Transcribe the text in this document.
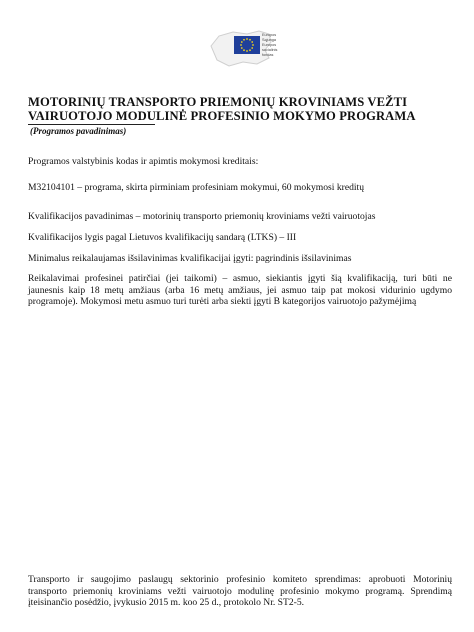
Europos
Sąjunga
Europos
socialinis
fondas
MOTORINIŲ TRANSPORTO PRIEMONIŲ KROVINIAMS VEŽTI
VAIRUOTOJO MODULINĖ PROFESINIO MOKYMO PROGRAMA
(Programos pavadinimas)
Programos valstybinis kodas ir apimtis mokymosi kreditais:
M32104101 – programa, skirta pirminiam profesiniam mokymui, 60 mokymosi kreditų
Kvalifikacijos pavadinimas – motorinių transporto priemonių kroviniams vežti vairuotojas
Kvalifikacijos lygis pagal Lietuvos kvalifikacijų sandarą (LTKS) – III
Minimalus reikalaujamas išsilavinimas kvalifikacijai įgyti: pagrindinis išsilavinimas
Reikalavimai profesinei patirčiai (jei taikomi) – asmuo, siekiantis įgyti šią kvalifikaciją, turi būti ne
jaunesnis kaip 18 metų amžiaus (arba 16 metų amžiaus, jei asmuo taip pat mokosi vidurinio ugdymo
programoje). Mokymosi metu asmuo turi turėti arba siekti įgyti B kategorijos vairuotojo pažymėjimą
Transporto ir saugojimo paslaugų sektorinio profesinio komiteto sprendimas: aprobuoti Motorinių
transporto priemonių kroviniams vežti vairuotojo modulinę profesinio mokymo programą. Sprendimą
įteisinančio posėdžio, įvykusio 2015 m. koo 25 d., protokolo Nr. ST2-5.
